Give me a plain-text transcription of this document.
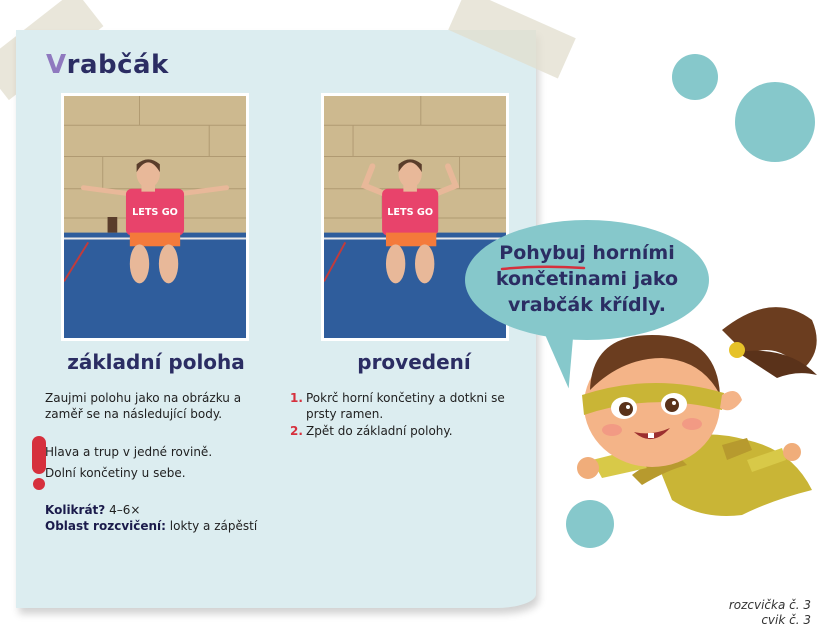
Vrabčák
LETS GO	LETS GO
základní poloha	provedení

Zaujmi polohu jako na obrázku a zaměř se na následující body.

1. Pokrč horní končetiny a dotkni se prsty ramen.
2. Zpět do základní polohy.
Hlava a trup v jedné rovině.
Dolní končetiny u sebe.
Kolikrát? 4–6×
Oblast rozcvičení: lokty a zápěstí
Pohybuj horními
končetinami jako
vrabčák křídly.
rozcvička č. 3
cvik č. 3
